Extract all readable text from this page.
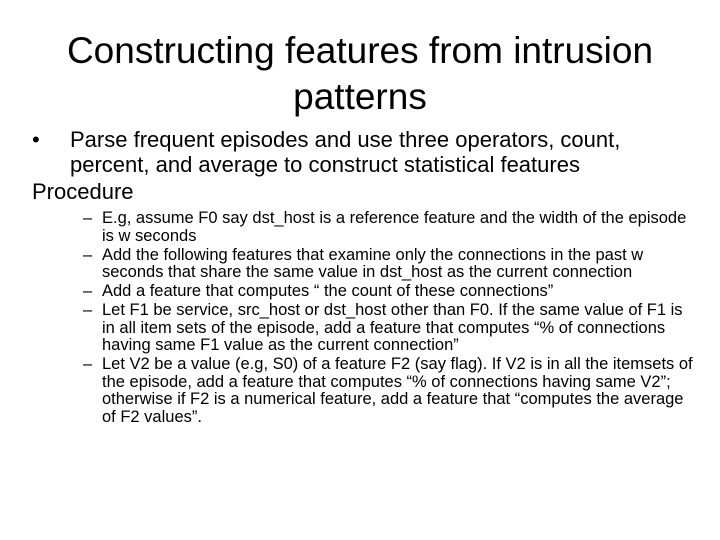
Constructing features from intrusion patterns

• Parse frequent episodes and use three operators, count, percent, and average to construct statistical features

Procedure

– E.g, assume F0 say dst_host is a reference feature and the width of the episode is w seconds
– Add the following features that examine only the connections in the past w seconds that share the same value in dst_host as the current connection
– Add a feature that computes “ the count of these connections”
– Let F1 be service, src_host or dst_host other than F0. If the same value of F1 is in all item sets of the episode, add a feature that computes “% of connections having same F1 value as the current connection”
– Let V2 be a value (e.g, S0) of a feature F2 (say flag). If V2 is in all the itemsets of the episode, add a feature that computes “% of connections having same V2”; otherwise if F2 is a numerical feature, add a feature that “computes the average of F2 values”.
